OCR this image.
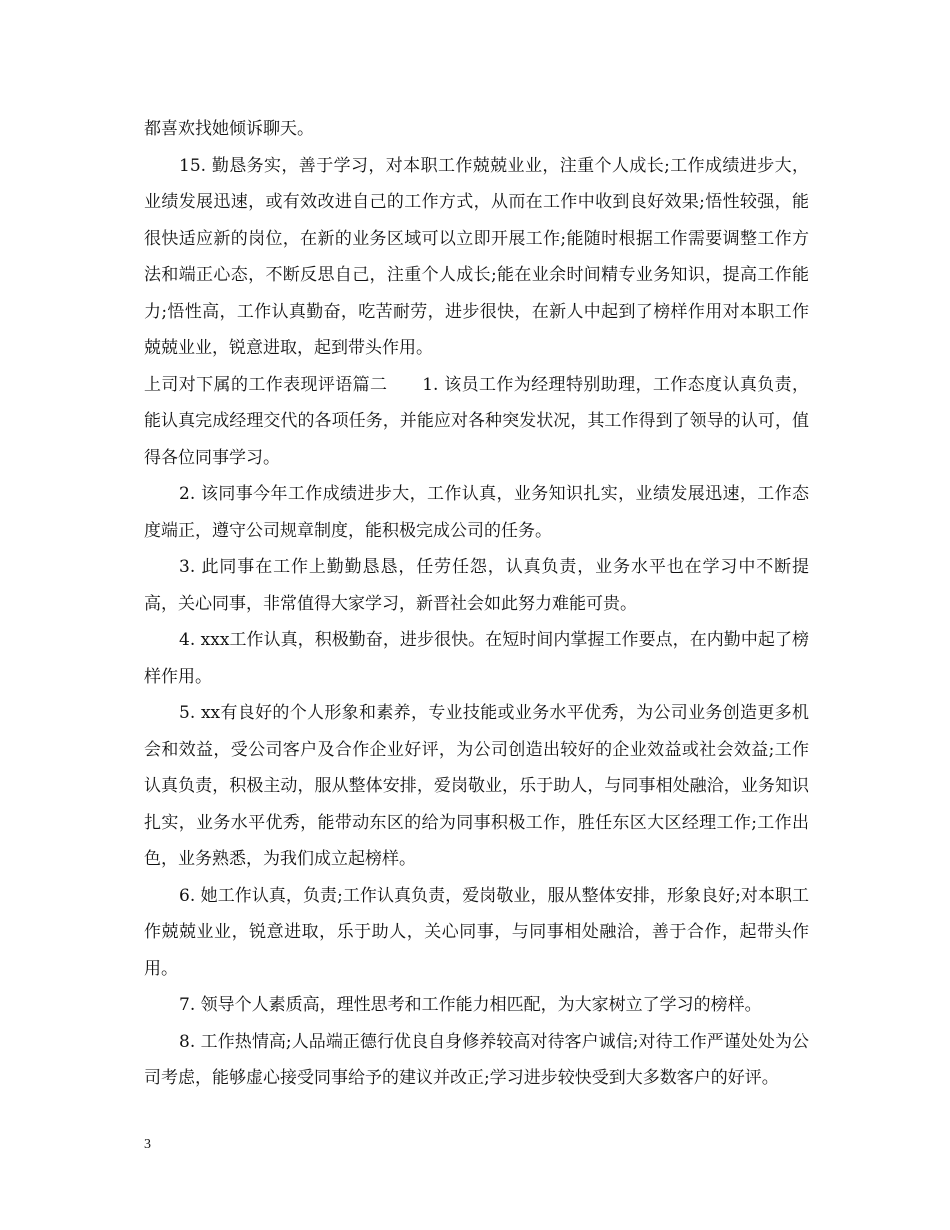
都喜欢找她倾诉聊天。

15. 勤恳务实，善于学习，对本职工作兢兢业业，注重个人成长;工作成绩进步大，业绩发展迅速，或有效改进自己的工作方式，从而在工作中收到良好效果;悟性较强，能很快适应新的岗位，在新的业务区域可以立即开展工作;能随时根据工作需要调整工作方法和端正心态，不断反思自己，注重个人成长;能在业余时间精专业务知识，提高工作能力;悟性高，工作认真勤奋，吃苦耐劳，进步很快，在新人中起到了榜样作用对本职工作兢兢业业，锐意进取，起到带头作用。

上司对下属的工作表现评语篇二　　1. 该员工作为经理特别助理，工作态度认真负责，能认真完成经理交代的各项任务，并能应对各种突发状况，其工作得到了领导的认可，值得各位同事学习。

2. 该同事今年工作成绩进步大，工作认真，业务知识扎实，业绩发展迅速，工作态度端正，遵守公司规章制度，能积极完成公司的任务。

3. 此同事在工作上勤勤恳恳，任劳任怨，认真负责，业务水平也在学习中不断提高，关心同事，非常值得大家学习，新晋社会如此努力难能可贵。

4. xxx工作认真，积极勤奋，进步很快。在短时间内掌握工作要点，在内勤中起了榜样作用。

5. xx有良好的个人形象和素养，专业技能或业务水平优秀，为公司业务创造更多机会和效益，受公司客户及合作企业好评，为公司创造出较好的企业效益或社会效益;工作认真负责，积极主动，服从整体安排，爱岗敬业，乐于助人，与同事相处融洽，业务知识扎实，业务水平优秀，能带动东区的给为同事积极工作，胜任东区大区经理工作;工作出色，业务熟悉，为我们成立起榜样。

6. 她工作认真，负责;工作认真负责，爱岗敬业，服从整体安排，形象良好;对本职工作兢兢业业，锐意进取，乐于助人，关心同事，与同事相处融洽，善于合作，起带头作用。

7. 领导个人素质高，理性思考和工作能力相匹配，为大家树立了学习的榜样。

8. 工作热情高;人品端正德行优良自身修养较高对待客户诚信;对待工作严谨处处为公司考虑，能够虚心接受同事给予的建议并改正;学习进步较快受到大多数客户的好评。

3
